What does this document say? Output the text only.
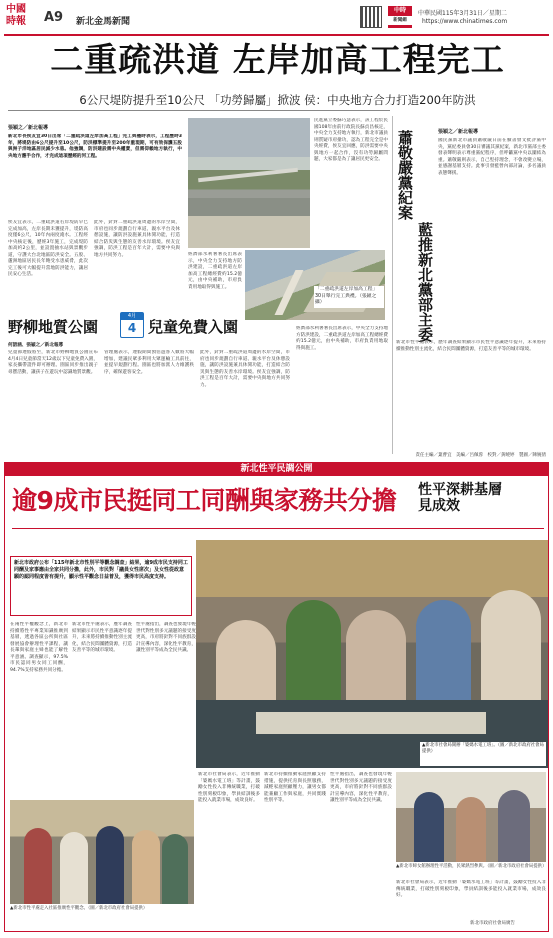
中國
時報	A9 新北金馬新聞
中時
新聞網
中華民國115年3月31日／星期二
https://www.chinatimes.com
二重疏洪道 左岸加高工程完工
6公尺堤防提升至10公尺 「功勞歸屬」掀波 侯：中央地方合力打造200年防洪
張穎之／新北報導
新北市長侯友宜30日出席「二重疏洪道左岸加高工程」完工典禮時表示，工程歷時3年，將堤防由6公尺提升至10公尺，防洪標準提升至200年重現期，可有效保護五股與洲子洋地區居民減少水患。他強調，防洪建設需中央權責，但需仰賴地方執行，中央地方應手合作，才完成這項歷經的河工程。
侯友宜表示，二重疏洪道右岸堤防早已完成加高，左岸長期未獲提升，堤防高度僅6公尺，10年內兩度淹水。工程經中央核定後，歷經3年施工，完成堤防加高約2公里，並設置抽水站與景觀步道，守護大台北地區防洪安全。五股、蘆洲地區居民長年飽受水患威脅，此次完工後可大幅提升當地防洪能力，讓居民安心生活。
此外，針對二重疏洪道周邊的水岸空間，市府也同步規劃自行車道、親水平台及休憩設施，讓防洪設施兼具休閒功能，打造結合防災與生態的友善水岸環境。侯友宜強調，防洪工程是百年大計，需要中央與地方共同努力。
「二重疏洪道左岸加高工程」30日舉行完工典禮。（張穎之攝）
經濟部水利署署長出席表示，中央全力支持地方防洪建設，二重疏洪道左岸加高工程總經費約15.2億元，由中央補助，市府負責用地取得與施工。
民進黨立委蘇巧慧表示，該工程於民國108年由前行政院長蘇貞昌核定，中央全力支持地方執行，新北市議員則質疑市府搶功，認為工程完全是中央經費，侯友宜回應，防洪需要中央與地方一起合作，沒有功勞歸屬問題，大家都是為了讓居民更安全。
野柳地質公園
4月
4 兒童免費入園
何語涵、張穎之／新北報導
兒童節連假將至，新北市野柳地質公園宣布4月4日兒童節當天12歲以下兒童免費入園，家長攜帶證件即可辦理。園區同步推出親子尋寶活動，讓孩子在遊玩中認識地質景觀。
管理處表示，連假期間預估遊客人數將大幅增加，建議民眾多利用大眾運輸工具前往，並提早規劃行程。園區也將加派人力維護秩序，確保遊客安全。
此外，針對二重疏洪道周邊的水岸空間，市府也同步規劃自行車道、親水平台及休憩設施，讓防洪設施兼具休閒功能，打造結合防災與生態的友善水岸環境。侯友宜強調，防洪工程是百年大計，需要中央與地方共同努力。
經濟部水利署署長出席表示，中央全力支持地方防洪建設，二重疏洪道左岸加高工程總經費約15.2億元，由中央補助，市府負責用地取得與施工。
蕭敬嚴黨紀案
藍推新北黨部主委
張穎之／新北報導
國民黨新北市議員蕭敬嚴日前在臉書發文批評黨中央，黨紀委員會30日審議其黨紀案，新北市黨部主委發表聲明表示尊重黨紀程序，但呼籲黨中央以團結為重。蕭敬嚴則表示，自己堅持理念，不會改變立場，並感謝基層支持。此事引發藍營內部討論，多名議員表態聲援。
新北市性平處表示，歷年調查結果顯示市民性平意識逐年提升，未來將持續推動性別主流化，結合民間團體資源，打造友善平等的城市環境。
責任主編／葉曹宜　美編／呂佩蓉　校對／黃曉婷　製圖／陳婉倩
新北性平民調公開
逾9成市民挺同工同酬與家務共分擔 性平深耕基層
見成效
新北市政府公布「115年新北市性別平等觀念調查」結果，逾9成市民支持同工同酬及家事應由全家共同分擔，此外，市民對「議員女性席次」及女性從政意願的認同程度皆有提升，顯示性平觀念日益普及，獲得市民高度支持。
在兩性平權觀念上，新北市持續將性平專業知識推廣到基層，透過各區公所與社區發展協會辦理性平課程，讓長輩與家庭主婦也能了解性平意涵。調查顯示，97.5%市民認同男女同工同酬，94.7%支持家務共同分擔。
新北市性平處表示，歷年調查結果顯示市民性平意識逐年提升，未來將持續推動性別主流化，結合民間團體資源，打造友善平等的城市環境。
性平處指出，調查也發現年輕世代對性別多元議題的接受度更高，市府將針對不同族群設計宣導內容，深化性平教育，讓性別平等成為全民共識。
▲新北市社會局開辦「婆媽水電工班」。（圖／新北市政府社會局提供）
新北市社會局表示，近年推動「婆媽水電工班」等計畫，鼓勵女性投入非傳統職業，打破性別刻板印象，學員結訓後多能投入就業市場，成效良好。
新北市持續推動家庭照顧支持措施，提供托育與長照服務，減輕家庭照顧壓力，讓男女都能兼顧工作與家庭，共同實踐性別平等。
性平處指出，調查也發現年輕世代對性別多元議題的接受度更高，市府將針對不同族群設計宣導內容，深化性平教育，讓性別平等成為全民共識。
▲新北市婦女館辦理性平活動，民眾熱烈參與。（圖／新北市政府社會局提供）
新北市社會局表示，近年推動「婆媽水電工班」等計畫，鼓勵女性投入非傳統職業，打破性別刻板印象，學員結訓後多能投入就業市場，成效良好。
新北市政府社會局廣告
▲新北市性平處走入社區推廣性平觀念。（圖／新北市政府社會局提供）
